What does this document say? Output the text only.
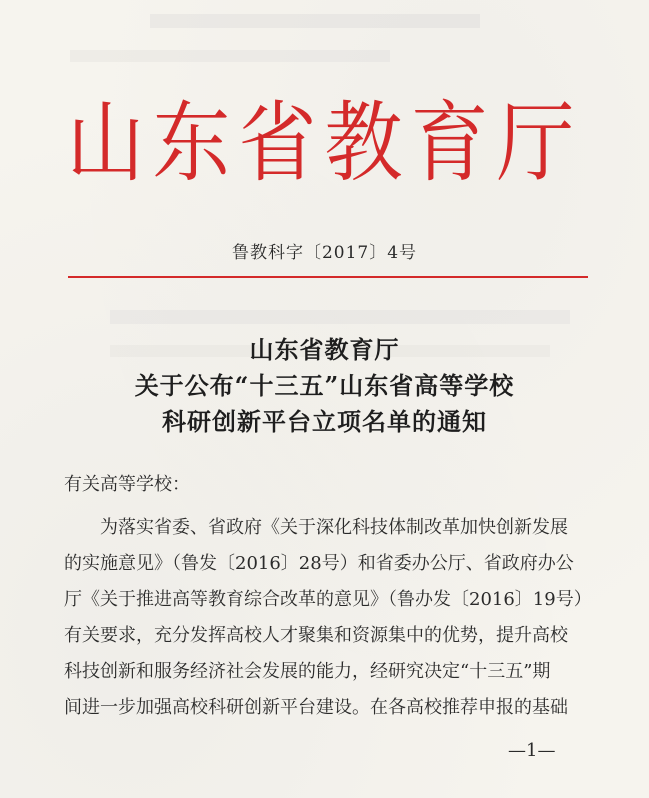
山东省教育厅
鲁教科字〔2017〕4号
山东省教育厅
关于公布“十三五”山东省高等学校
科研创新平台立项名单的通知
有关高等学校：
为落实省委、省政府《关于深化科技体制改革加快创新发展
的实施意见》（鲁发〔2016〕28号）和省委办公厅、省政府办公
厅《关于推进高等教育综合改革的意见》（鲁办发〔2016〕19号）
有关要求，充分发挥高校人才聚集和资源集中的优势，提升高校
科技创新和服务经济社会发展的能力，经研究决定“十三五”期
间进一步加强高校科研创新平台建设。在各高校推荐申报的基础
—1—
